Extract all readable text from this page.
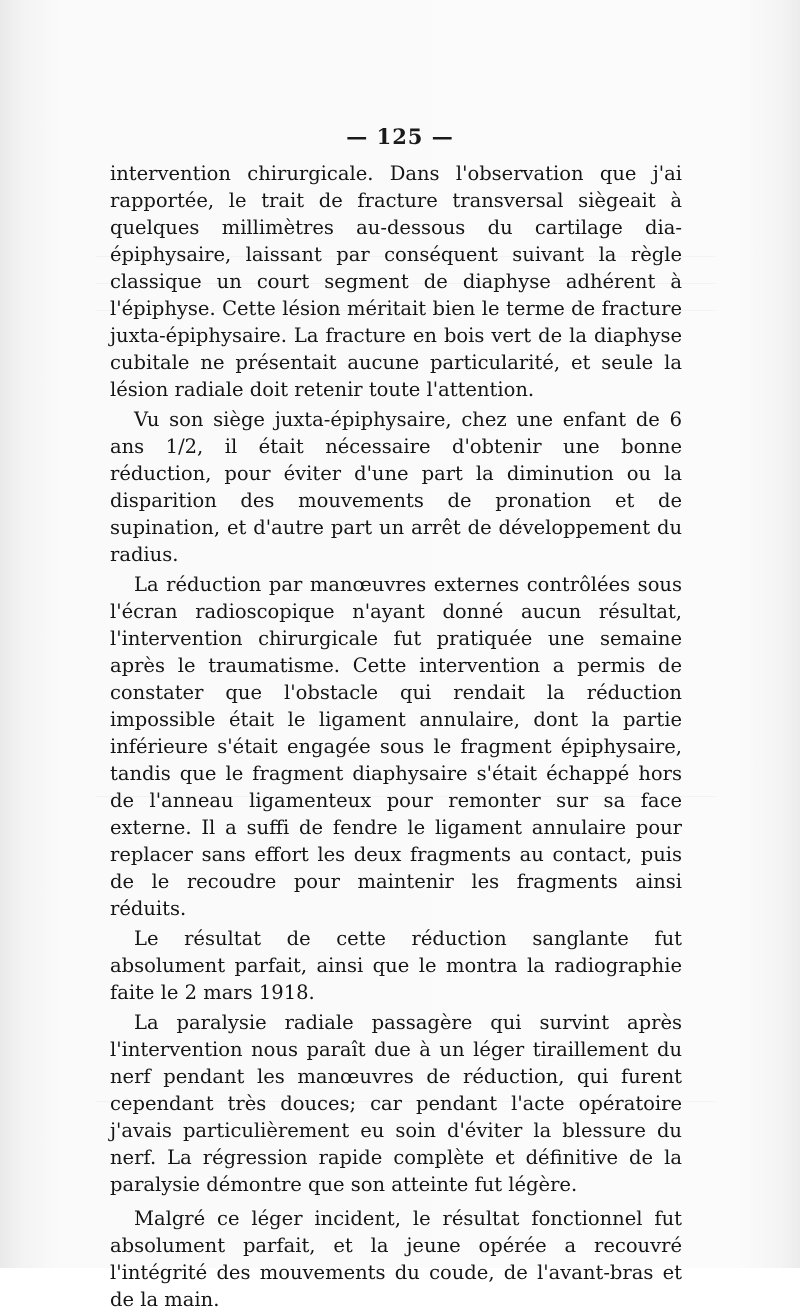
— 125 —

intervention chirurgicale. Dans l'observation que j'ai rapportée, le trait de fracture transversal siègeait à quelques millimètres au-dessous du cartilage dia-épiphysaire, laissant par conséquent suivant la règle classique un court segment de diaphyse adhérent à l'épiphyse. Cette lésion méritait bien le terme de fracture juxta-épiphysaire. La fracture en bois vert de la diaphyse cubitale ne présentait aucune particularité, et seule la lésion radiale doit retenir toute l'attention.

Vu son siège juxta-épiphysaire, chez une enfant de 6 ans 1/2, il était nécessaire d'obtenir une bonne réduction, pour éviter d'une part la diminution ou la disparition des mouvements de pronation et de supination, et d'autre part un arrêt de développement du radius.

La réduction par manœuvres externes contrôlées sous l'écran radioscopique n'ayant donné aucun résultat, l'intervention chirurgicale fut pratiquée une semaine après le traumatisme. Cette intervention a permis de constater que l'obstacle qui rendait la réduction impossible était le ligament annulaire, dont la partie inférieure s'était engagée sous le fragment épiphysaire, tandis que le fragment diaphysaire s'était échappé hors de l'anneau ligamenteux pour remonter sur sa face externe. Il a suffi de fendre le ligament annulaire pour replacer sans effort les deux fragments au contact, puis de le recoudre pour maintenir les fragments ainsi réduits.

Le résultat de cette réduction sanglante fut absolument parfait, ainsi que le montra la radiographie faite le 2 mars 1918.

La paralysie radiale passagère qui survint après l'intervention nous paraît due à un léger tiraillement du nerf pendant les manœuvres de réduction, qui furent cependant très douces; car pendant l'acte opératoire j'avais particulièrement eu soin d'éviter la blessure du nerf. La régression rapide complète et définitive de la paralysie démontre que son atteinte fut légère.

Malgré ce léger incident, le résultat fonctionnel fut absolument parfait, et la jeune opérée a recouvré l'intégrité des mouvements du coude, de l'avant-bras et de la main.
